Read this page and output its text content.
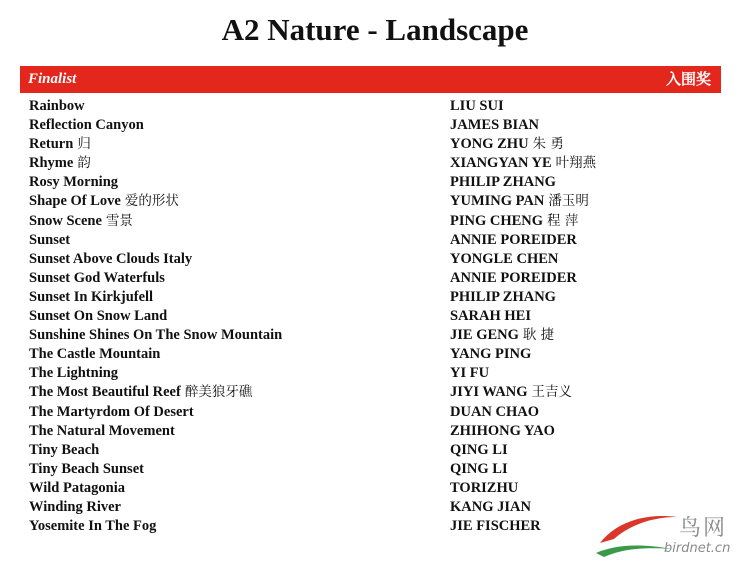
A2 Nature - Landscape
Finalist	入围奖
Rainbow	LIU SUI
Reflection Canyon	JAMES BIAN
Return 归	YONG ZHU 朱 勇
Rhyme 韵	XIANGYAN YE 叶翔燕
Rosy Morning	PHILIP ZHANG
Shape Of Love 爱的形状	YUMING PAN 潘玉明
Snow Scene 雪景	PING CHENG 程 萍
Sunset	ANNIE POREIDER
Sunset Above Clouds Italy	YONGLE CHEN
Sunset God Waterfuls	ANNIE POREIDER
Sunset In Kirkjufell	PHILIP ZHANG
Sunset On Snow Land	SARAH HEI
Sunshine Shines On The Snow Mountain	JIE GENG 耿 捷
The Castle Mountain	YANG PING
The Lightning	YI FU
The Most Beautiful Reef 醉美狼牙礁	JIYI WANG 王吉义
The Martyrdom Of Desert	DUAN CHAO
The Natural Movement	ZHIHONG YAO
Tiny Beach	QING LI
Tiny Beach Sunset	QING LI
Wild Patagonia	TORIZHU
Winding River	KANG JIAN
Yosemite In The Fog	JIE FISCHER	鸟网
birdnet.cn
